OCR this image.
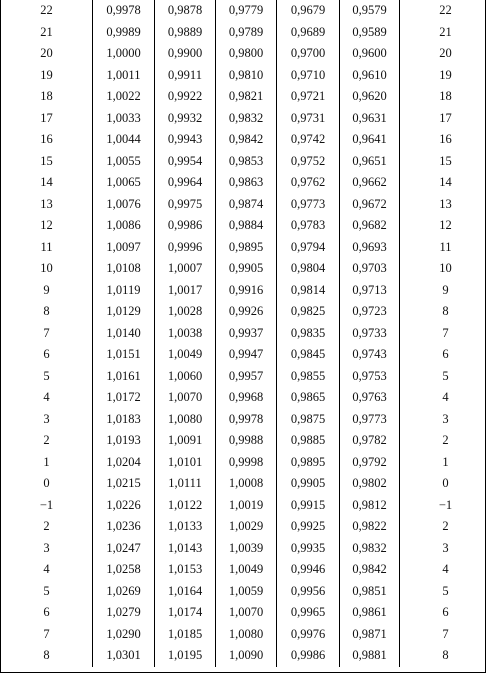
22	0,9978	0,9878	0,9779	0,9679	0,9579	22
21	0,9989	0,9889	0,9789	0,9689	0,9589	21
20	1,0000	0,9900	0,9800	0,9700	0,9600	20
19	1,0011	0,9911	0,9810	0,9710	0,9610	19
18	1,0022	0,9922	0,9821	0,9721	0,9620	18
17	1,0033	0,9932	0,9832	0,9731	0,9631	17
16	1,0044	0,9943	0,9842	0,9742	0,9641	16
15	1,0055	0,9954	0,9853	0,9752	0,9651	15
14	1,0065	0,9964	0,9863	0,9762	0,9662	14
13	1,0076	0,9975	0,9874	0,9773	0,9672	13
12	1,0086	0,9986	0,9884	0,9783	0,9682	12
11	1,0097	0,9996	0,9895	0,9794	0,9693	11
10	1,0108	1,0007	0,9905	0,9804	0,9703	10
9	1,0119	1,0017	0,9916	0,9814	0,9713	9
8	1,0129	1,0028	0,9926	0,9825	0,9723	8
7	1,0140	1,0038	0,9937	0,9835	0,9733	7
6	1,0151	1,0049	0,9947	0,9845	0,9743	6
5	1,0161	1,0060	0,9957	0,9855	0,9753	5
4	1,0172	1,0070	0,9968	0,9865	0,9763	4
3	1,0183	1,0080	0,9978	0,9875	0,9773	3
2	1,0193	1,0091	0,9988	0,9885	0,9782	2
1	1,0204	1,0101	0,9998	0,9895	0,9792	1
0	1,0215	1,0111	1,0008	0,9905	0,9802	0
−1	1,0226	1,0122	1,0019	0,9915	0,9812	−1
2	1,0236	1,0133	1,0029	0,9925	0,9822	2
3	1,0247	1,0143	1,0039	0,9935	0,9832	3
4	1,0258	1,0153	1,0049	0,9946	0,9842	4
5	1,0269	1,0164	1,0059	0,9956	0,9851	5
6	1,0279	1,0174	1,0070	0,9965	0,9861	6
7	1,0290	1,0185	1,0080	0,9976	0,9871	7
8	1,0301	1,0195	1,0090	0,9986	0,9881	8
